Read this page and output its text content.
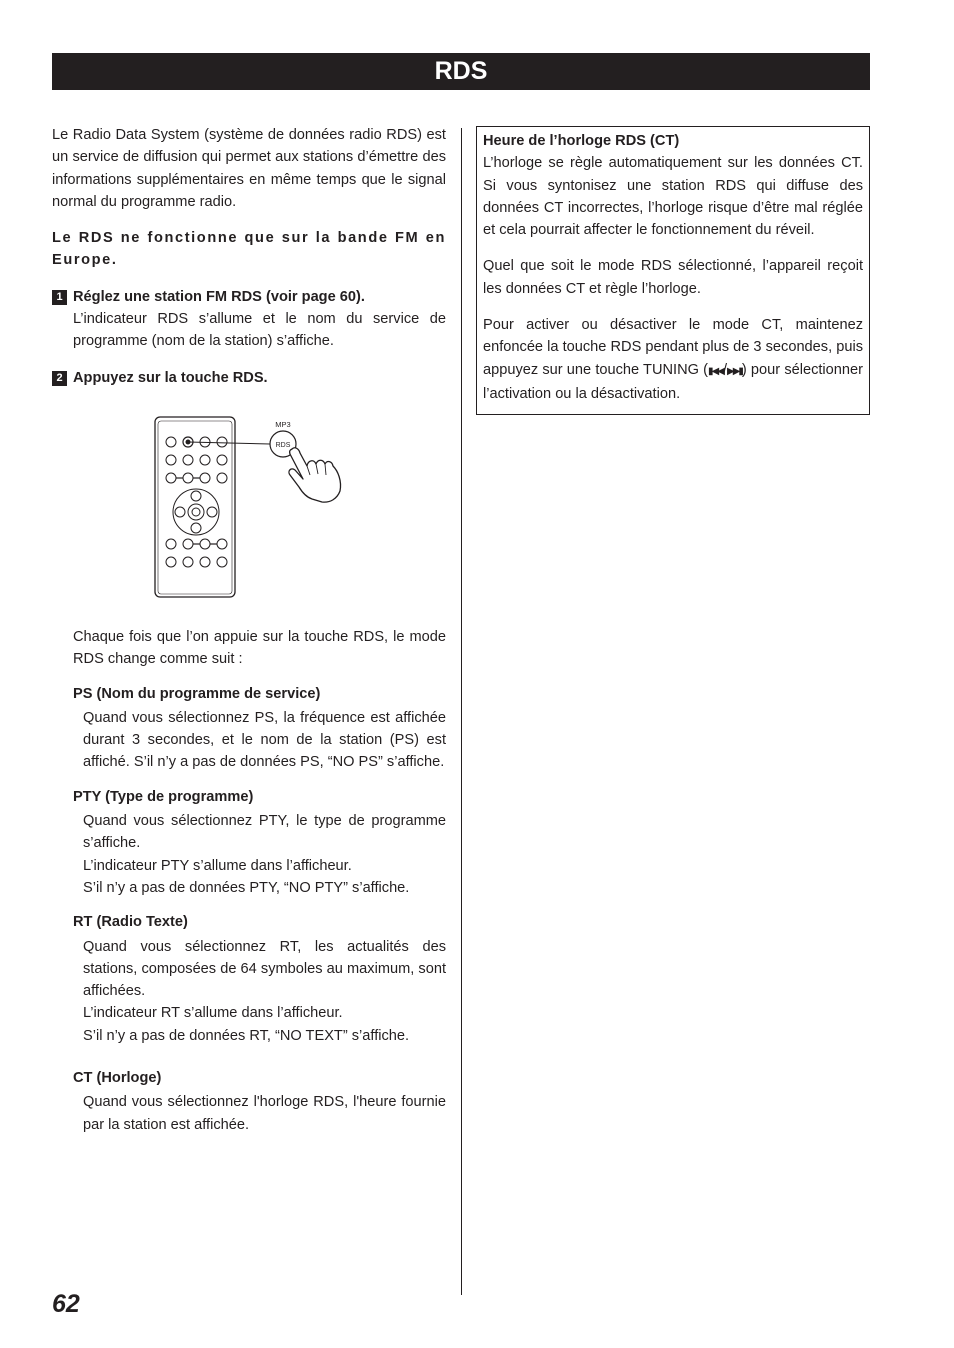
RDS

Le Radio Data System (système de données radio RDS) est un service de diffusion qui permet aux stations d’émettre des informations supplémentaires en même temps que le signal normal du programme radio.

Le RDS ne fonctionne que sur la bande FM en Europe.

1 Réglez une station FM RDS (voir page 60).

L’indicateur RDS s’allume et le nom du service de programme (nom de la station) s’affiche.

2 Appuyez sur la touche RDS.
MP3
RDS

Chaque fois que l’on appuie sur la touche RDS, le mode RDS change comme suit :

PS (Nom du programme de service)

Quand vous sélectionnez PS, la fréquence est affichée durant 3 secondes, et le nom de la station (PS) est affiché. S’il n’y a pas de données PS, “NO PS” s’affiche.

PTY (Type de programme)

Quand vous sélectionnez PTY, le type de programme s’affiche.

L’indicateur PTY s’allume dans l’afficheur.

S’il n’y a pas de données PTY, “NO PTY” s’affiche.

RT (Radio Texte)

Quand vous sélectionnez RT, les actualités des stations, composées de 64 symboles au maximum, sont affichées.

L’indicateur RT s’allume dans l’afficheur.

S’il n’y a pas de données RT, “NO TEXT” s’affiche.

CT (Horloge)

Quand vous sélectionnez l'horloge RDS, l'heure fournie par la station est affichée.

Heure de l’horloge RDS (CT)

L’horloge se règle automatiquement sur les données CT. Si vous syntonisez une station RDS qui diffuse des données CT incorrectes, l’horloge risque d’être mal réglée et cela pourrait affecter le fonctionnement du réveil.

Quel que soit le mode RDS sélectionné, l’appareil reçoit les données CT et règle l’horloge.

Pour activer ou désactiver le mode CT, maintenez enfoncée la touche RDS pendant plus de 3 secondes, puis appuyez sur une touche TUNING (▮◀◀/▶▶▮) pour sélectionner l’activation ou la désactivation.

62
